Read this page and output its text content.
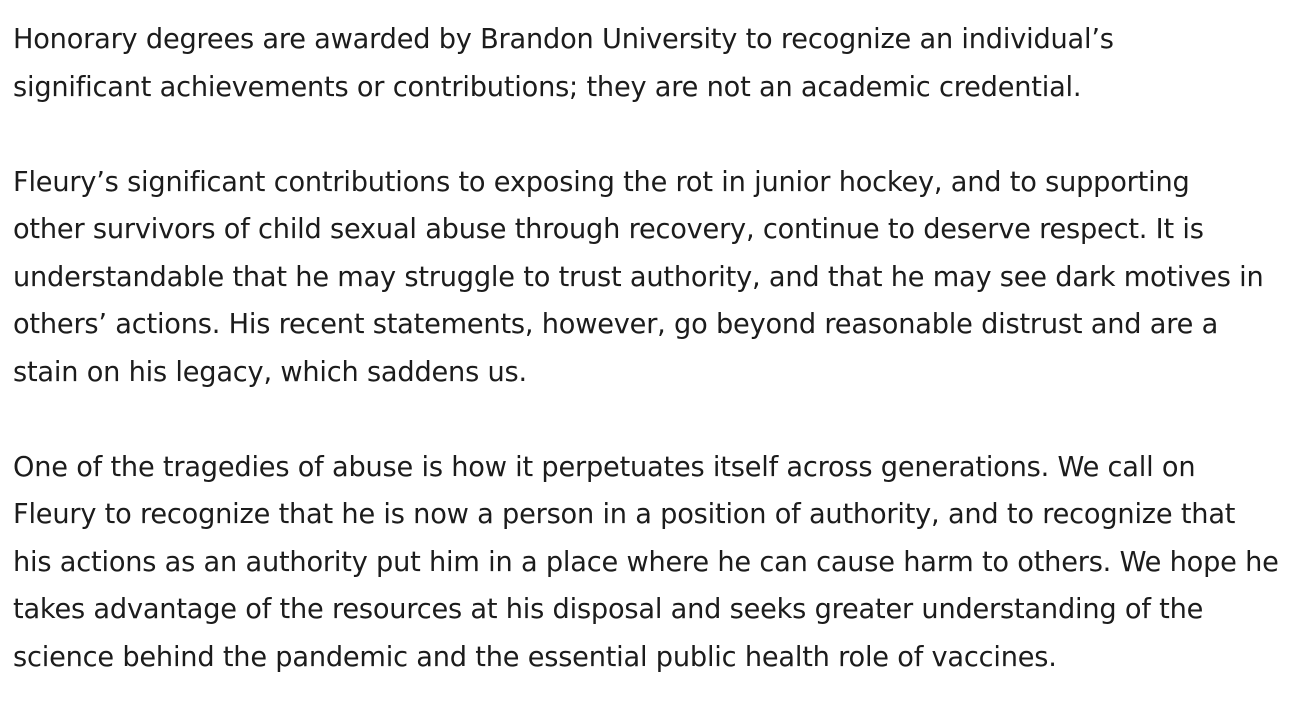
Honorary degrees are awarded by Brandon University to recognize an individual’s
significant achievements or contributions; they are not an academic credential.

Fleury’s significant contributions to exposing the rot in junior hockey, and to supporting
other survivors of child sexual abuse through recovery, continue to deserve respect. It is
understandable that he may struggle to trust authority, and that he may see dark motives in
others’ actions. His recent statements, however, go beyond reasonable distrust and are a
stain on his legacy, which saddens us.

One of the tragedies of abuse is how it perpetuates itself across generations. We call on
Fleury to recognize that he is now a person in a position of authority, and to recognize that
his actions as an authority put him in a place where he can cause harm to others. We hope he
takes advantage of the resources at his disposal and seeks greater understanding of the
science behind the pandemic and the essential public health role of vaccines.
